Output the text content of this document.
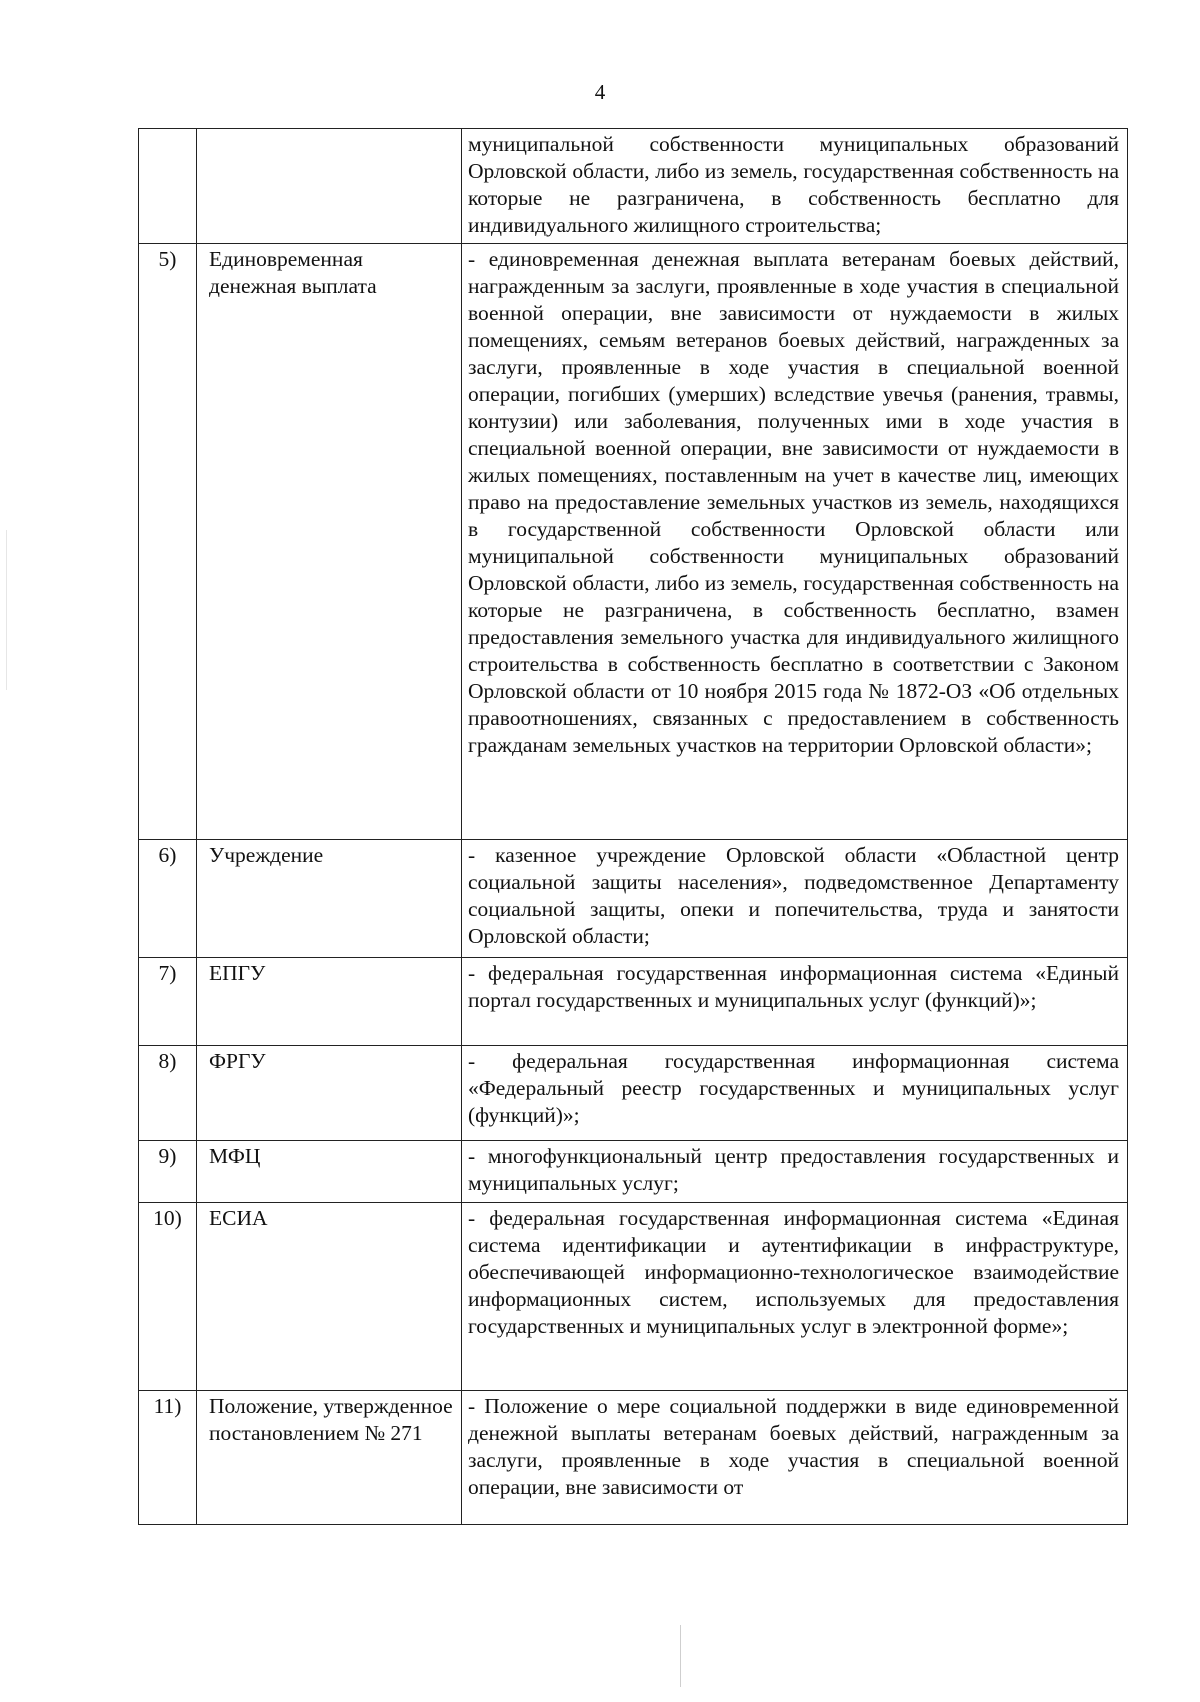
4
		муниципальной собственности муниципальных образований Орловской области, либо из земель, государственная собственность на которые не разграничена, в собственность бесплатно для индивидуального жилищного строительства;
5)	Единовременная денежная выплата	- единовременная денежная выплата ветеранам боевых действий, награжденным за заслуги, проявленные в ходе участия в специальной военной операции, вне зависимости от нуждаемости в жилых помещениях, семьям ветеранов боевых действий, награжденных за заслуги, проявленные в ходе участия в специальной военной операции, погибших (умерших) вследствие увечья (ранения, травмы, контузии) или заболевания, полученных ими в ходе участия в специальной военной операции, вне зависимости от нуждаемости в жилых помещениях, поставленным на учет в качестве лиц, имеющих право на предоставление земельных участков из земель, находящихся в государственной собственности Орловской области или муниципальной собственности муниципальных образований Орловской области, либо из земель, государственная собственность на которые не разграничена, в собственность бесплатно, взамен предоставления земельного участка для индивидуального жилищного строительства в собственность бесплатно в соответствии с Законом Орловской области от 10 ноября 2015 года № 1872-ОЗ «Об отдельных правоотношениях, связанных с предоставлением в собственность гражданам земельных участков на территории Орловской области»;
6)	Учреждение	- казенное учреждение Орловской области «Областной центр социальной защиты населения», подведомственное Департаменту социальной защиты, опеки и попечительства, труда и занятости Орловской области;
7)	ЕПГУ	- федеральная государственная информационная система «Единый портал государственных и муниципальных услуг (функций)»;
8)	ФРГУ	- федеральная государственная информационная система «Федеральный реестр государственных и муниципальных услуг (функций)»;
9)	МФЦ	- многофункциональный центр предоставления государственных и муниципальных услуг;
10)	ЕСИА	- федеральная государственная информационная система «Единая система идентификации и аутентификации в инфраструктуре, обеспечивающей информационно-технологическое взаимодействие информационных систем, используемых для предоставления государственных и муниципальных услуг в электронной форме»;
11)	Положение, утвержденное постановлением № 271	- Положение о мере социальной поддержки в виде единовременной денежной выплаты ветеранам боевых действий, награжденным за заслуги, проявленные в ходе участия в специальной военной операции, вне зависимости от
